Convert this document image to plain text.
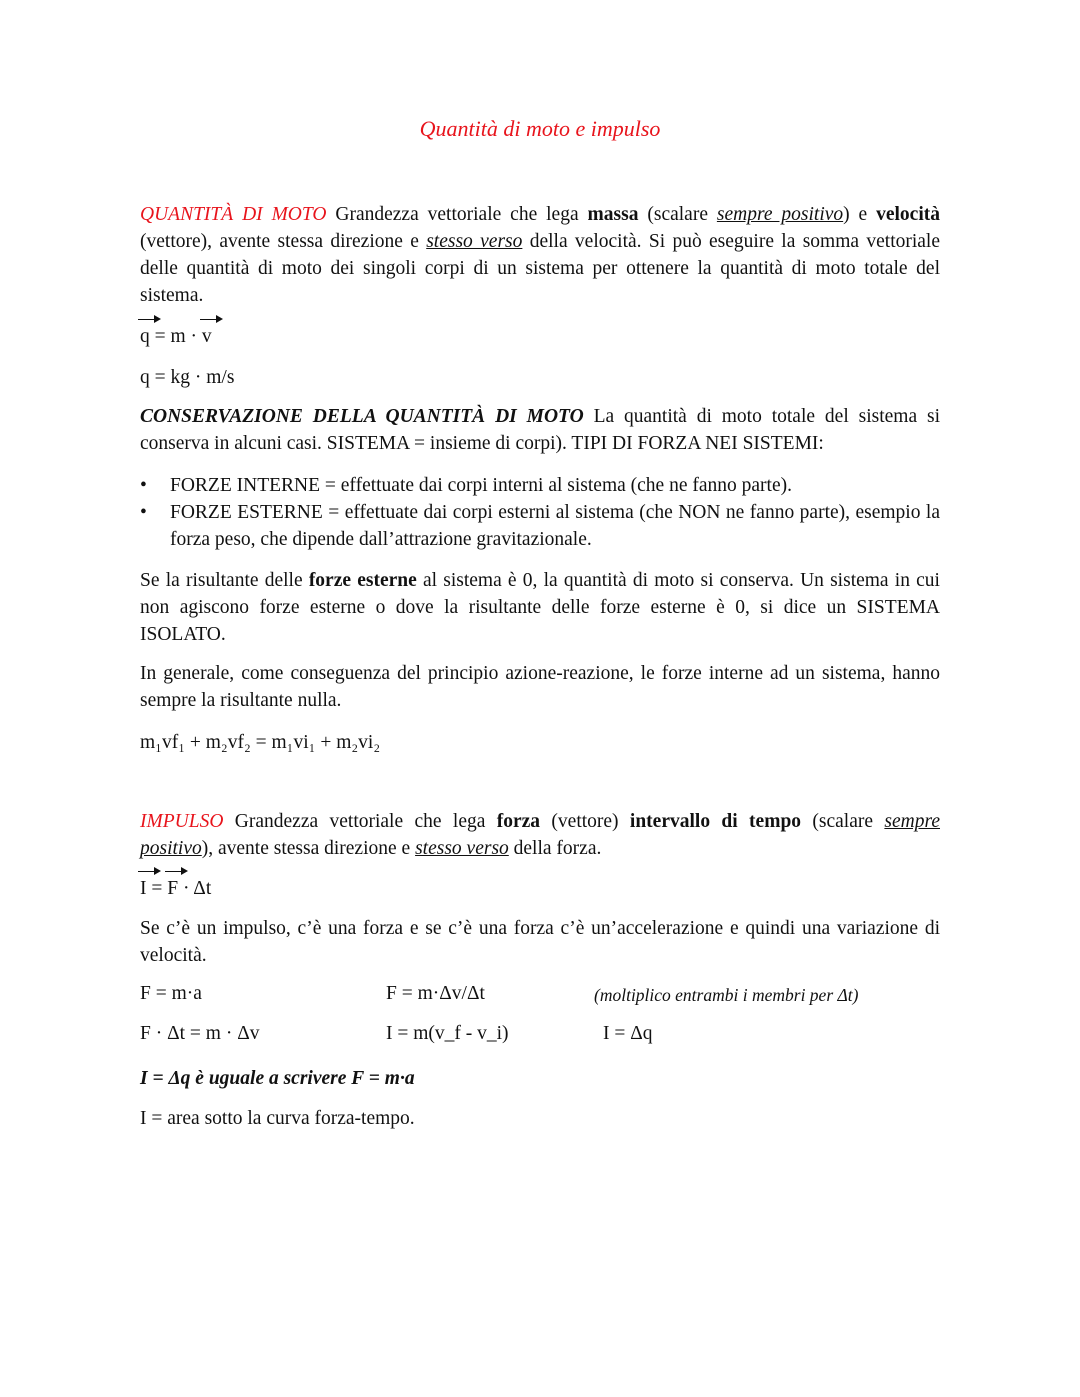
Quantità di moto e impulso
QUANTITÀ DI MOTO Grandezza vettoriale che lega massa (scalare sempre positivo) e velocità (vettore), avente stessa direzione e stesso verso della velocità. Si può eseguire la somma vettoriale delle quantità di moto dei singoli corpi di un sistema per ottenere la quantità di moto totale del sistema.
q = m · v
q = kg · m/s
CONSERVAZIONE DELLA QUANTITÀ DI MOTO La quantità di moto totale del sistema si conserva in alcuni casi. SISTEMA = insieme di corpi). TIPI DI FORZA NEI SISTEMI:
• FORZE INTERNE = effettuate dai corpi interni al sistema (che ne fanno parte).
• FORZE ESTERNE = effettuate dai corpi esterni al sistema (che NON ne fanno parte), esempio la forza peso, che dipende dall’attrazione gravitazionale.
Se la risultante delle forze esterne al sistema è 0, la quantità di moto si conserva. Un sistema in cui non agiscono forze esterne o dove la risultante delle forze esterne è 0, si dice un SISTEMA ISOLATO.
In generale, come conseguenza del principio azione-reazione, le forze interne ad un sistema, hanno sempre la risultante nulla.
m₁vf₁ + m₂vf₂ = m₁vi₁ + m₂vi₂
IMPULSO Grandezza vettoriale che lega forza (vettore) intervallo di tempo (scalare sempre positivo), avente stessa direzione e stesso verso della forza.
I = F · Δt
Se c’è un impulso, c’è una forza e se c’è una forza c’è un’accelerazione e quindi una variazione di velocità.
F = m·a	F = m·Δv/Δt	(moltiplico entrambi i membri per Δt)
F · Δt = m · Δv	I = m(v_f - v_i)	I = Δq
I = Δq è uguale a scrivere F = m·a
I = area sotto la curva forza-tempo.
